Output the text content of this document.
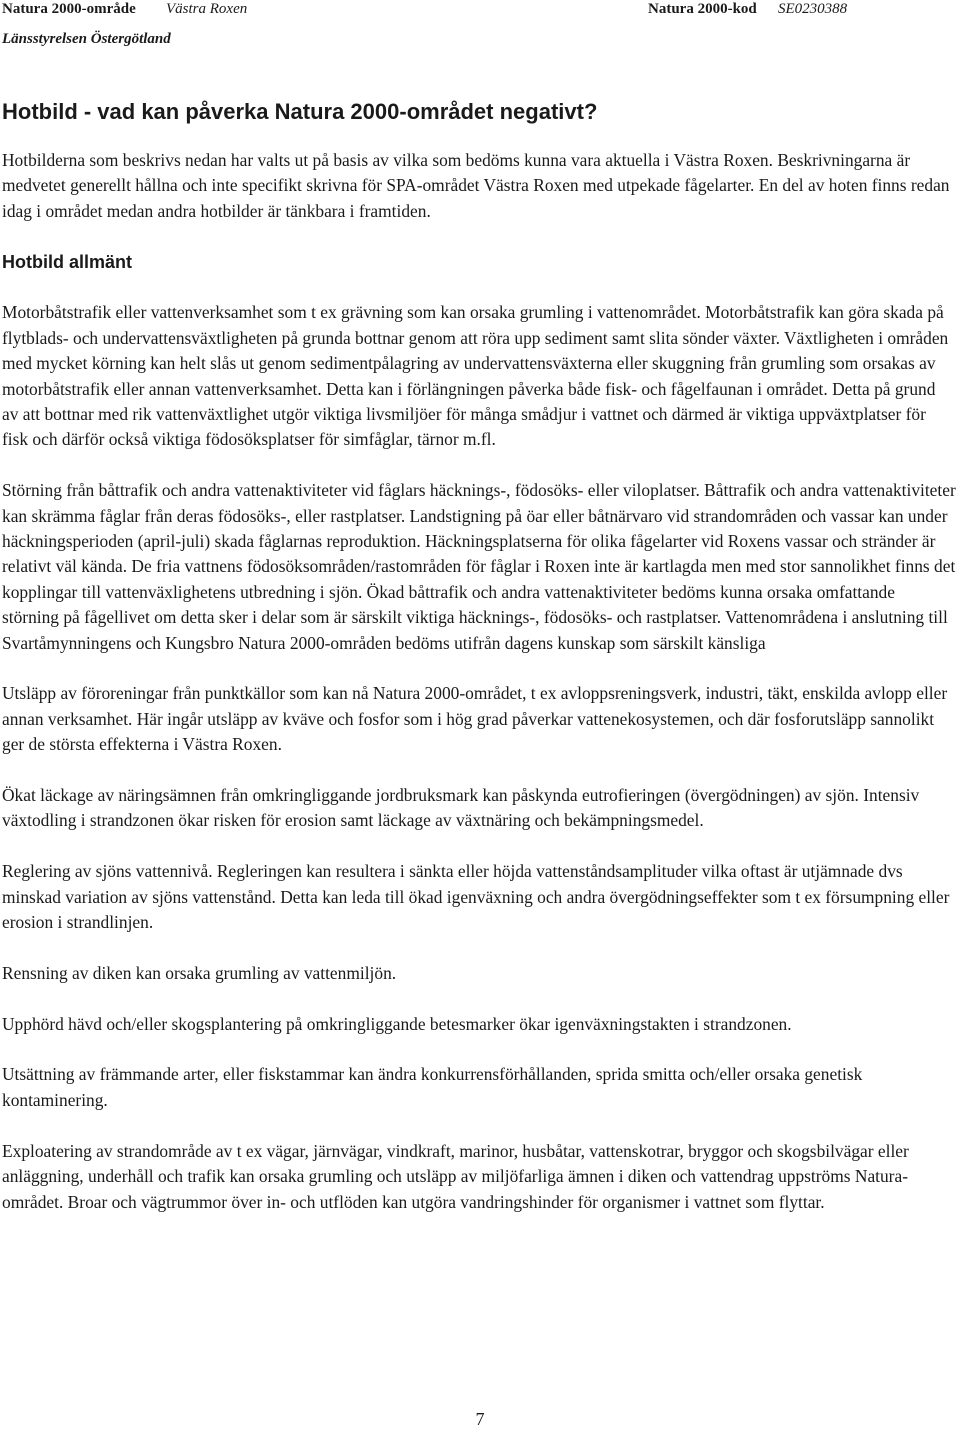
Natura 2000-område Västra Roxen	Natura 2000-kod SE0230388
Länsstyrelsen Östergötland
Hotbild - vad kan påverka Natura 2000-området negativt?

Hotbilderna som beskrivs nedan har valts ut på basis av vilka som bedöms kunna vara aktuella i Västra Roxen. Beskrivningarna är medvetet generellt hållna och inte specifikt skrivna för SPA-området Västra Roxen med utpekade fågelarter. En del av hoten finns redan idag i området medan andra hotbilder är tänkbara i framtiden.

Hotbild allmänt

Motorbåtstrafik eller vattenverksamhet som t ex grävning som kan orsaka grumling i vattenområdet. Motorbåtstrafik kan göra skada på flytblads- och undervattensväxtligheten på grunda bottnar genom att röra upp sediment samt slita sönder växter. Växtligheten i områden med mycket körning kan helt slås ut genom sedimentpålagring av undervattensväxterna eller skuggning från grumling som orsakas av motorbåtstrafik eller annan vattenverksamhet. Detta kan i förlängningen påverka både fisk- och fågelfaunan i området. Detta på grund av att bottnar med rik vattenväxtlighet utgör viktiga livsmiljöer för många smådjur i vattnet och därmed är viktiga uppväxtplatser för fisk och därför också viktiga födosöksplatser för simfåglar, tärnor m.fl.

Störning från båttrafik och andra vattenaktiviteter vid fåglars häcknings-, födosöks- eller viloplatser. Båttrafik och andra vattenaktiviteter kan skrämma fåglar från deras födosöks-, eller rastplatser. Landstigning på öar eller båtnärvaro vid strandområden och vassar kan under häckningsperioden (april-juli) skada fåglarnas reproduktion. Häckningsplatserna för olika fågelarter vid Roxens vassar och stränder är relativt väl kända. De fria vattnens födosöksområden/rastområden för fåglar i Roxen inte är kartlagda men med stor sannolikhet finns det kopplingar till vattenväxlighetens utbredning i sjön. Ökad båttrafik och andra vattenaktiviteter bedöms kunna orsaka omfattande störning på fågellivet om detta sker i delar som är särskilt viktiga häcknings-, födosöks- och rastplatser. Vattenområdena i anslutning till Svartåmynningens och Kungsbro Natura 2000-områden bedöms utifrån dagens kunskap som särskilt känsliga

Utsläpp av föroreningar från punktkällor som kan nå Natura 2000-området, t ex avloppsreningsverk, industri, täkt, enskilda avlopp eller annan verksamhet. Här ingår utsläpp av kväve och fosfor som i hög grad påverkar vattenekosystemen, och där fosforutsläpp sannolikt ger de största effekterna i Västra Roxen.

Ökat läckage av näringsämnen från omkringliggande jordbruksmark kan påskynda eutrofieringen (övergödningen) av sjön. Intensiv växtodling i strandzonen ökar risken för erosion samt läckage av växtnäring och bekämpningsmedel.

Reglering av sjöns vattennivå. Regleringen kan resultera i sänkta eller höjda vattenståndsamplituder vilka oftast är utjämnade dvs minskad variation av sjöns vattenstånd. Detta kan leda till ökad igenväxning och andra övergödningseffekter som t ex försumpning eller erosion i strandlinjen.

Rensning av diken kan orsaka grumling av vattenmiljön.

Upphörd hävd och/eller skogsplantering på omkringliggande betesmarker ökar igenväxningstakten i strandzonen.

Utsättning av främmande arter, eller fiskstammar kan ändra konkurrensförhållanden, sprida smitta och/eller orsaka genetisk kontaminering.

Exploatering av strandområde av t ex vägar, järnvägar, vindkraft, marinor, husbåtar, vattenskotrar, bryggor och skogsbilvägar eller anläggning, underhåll och trafik kan orsaka grumling och utsläpp av miljöfarliga ämnen i diken och vattendrag uppströms Natura-området. Broar och vägtrummor över in- och utflöden kan utgöra vandringshinder för organismer i vattnet som flyttar.

7
